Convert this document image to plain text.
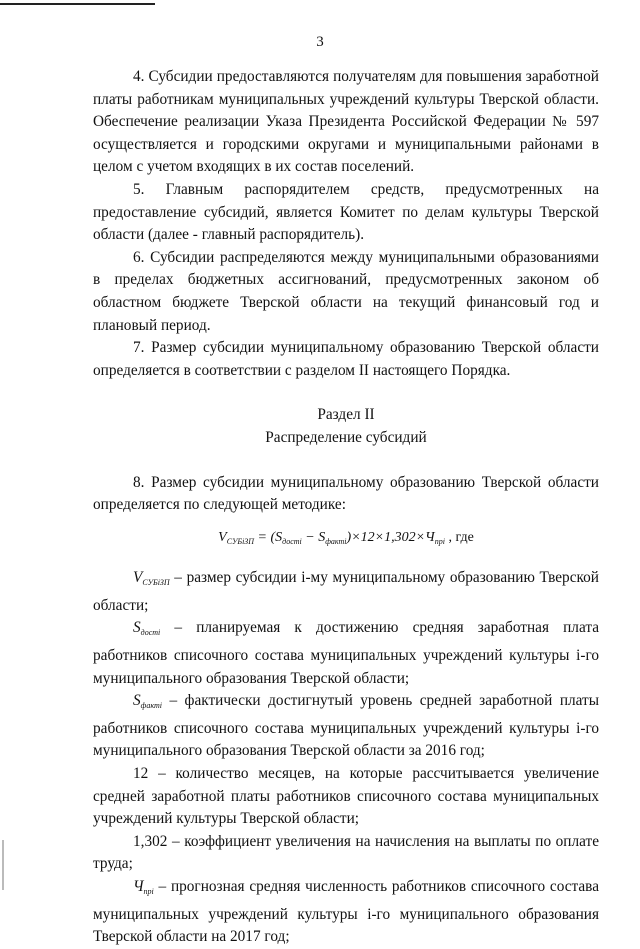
3

4. Субсидии предоставляются получателям для повышения заработной платы работникам муниципальных учреждений культуры Тверской области. Обеспечение реализации Указа Президента Российской Федерации № 597 осуществляется и городскими округами и муниципальными районами в целом с учетом входящих в их состав поселений.

5. Главным распорядителем средств, предусмотренных на предоставление субсидий, является Комитет по делам культуры Тверской области (далее - главный распорядитель).

6. Субсидии распределяются между муниципальными образованиями в пределах бюджетных ассигнований, предусмотренных законом об областном бюджете Тверской области на текущий финансовый год и плановый период.

7. Размер субсидии муниципальному образованию Тверской области определяется в соответствии с разделом II настоящего Порядка.

Раздел II

Распределение субсидий

8. Размер субсидии муниципальному образованию Тверской области определяется по следующей методике:

$V_{СУБiЗП} = (S_{достi} - S_{фактi})\times 12\times 1,302\times Ч_{прi}$ , где

$V_{СУБiЗП}$ – размер субсидии i-му муниципальному образованию Тверской области;

$S_{достi}$ – планируемая к достижению средняя заработная плата работников списочного состава муниципальных учреждений культуры i-го муниципального образования Тверской области;

$S_{фактi}$ – фактически достигнутый уровень средней заработной платы работников списочного состава муниципальных учреждений культуры i-го муниципального образования Тверской области за 2016 год;

12 – количество месяцев, на которые рассчитывается увеличение средней заработной платы работников списочного состава муниципальных учреждений культуры Тверской области;

1,302 – коэффициент увеличения на начисления на выплаты по оплате труда;

$Ч_{прi}$ – прогнозная средняя численность работников списочного состава муниципальных учреждений культуры i-го муниципального образования Тверской области на 2017 год;
